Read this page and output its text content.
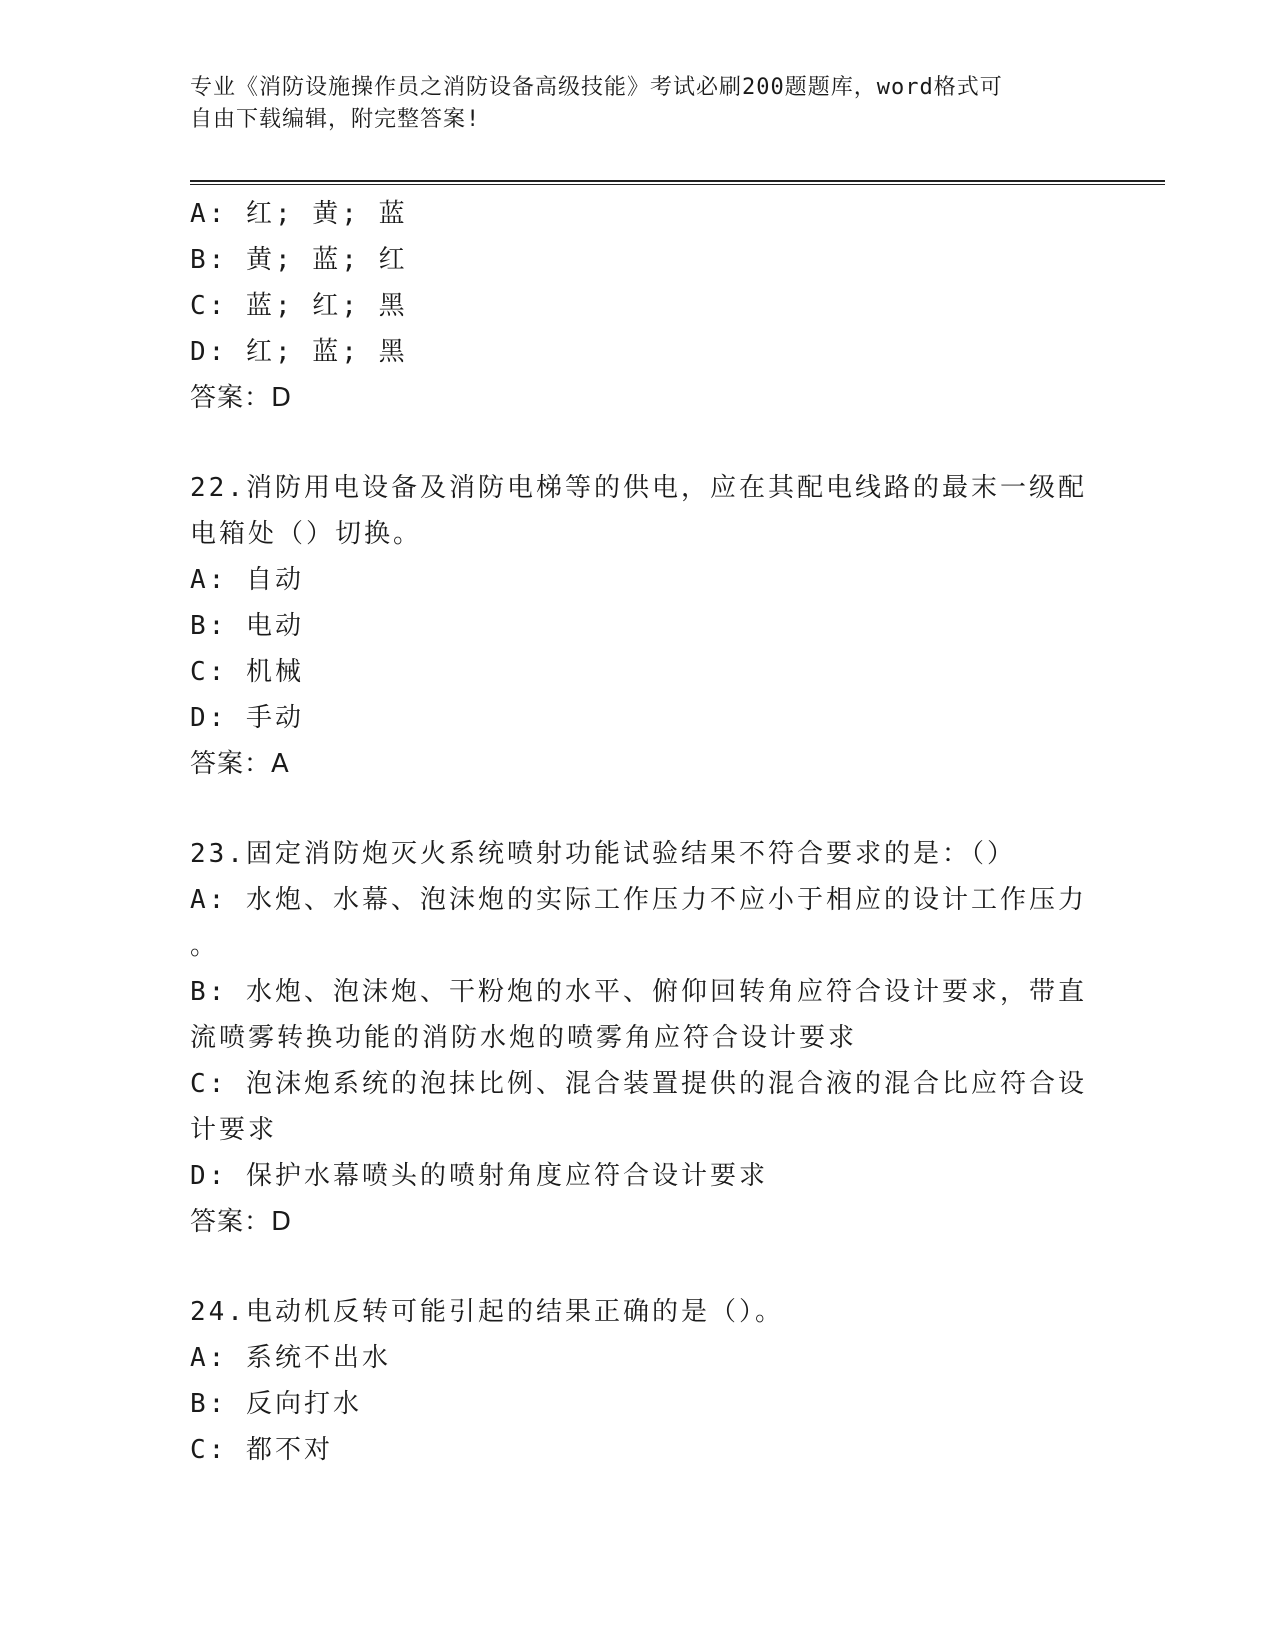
专业《消防设施操作员之消防设备高级技能》考试必刷200题题库，word格式可
自由下载编辑，附完整答案!
A: 红; 黄; 蓝
B: 黄; 蓝; 红
C: 蓝; 红; 黑
D: 红; 蓝; 黑
答案：D
22.消防用电设备及消防电梯等的供电，应在其配电线路的最末一级配
电箱处（）切换。
A: 自动
B: 电动
C: 机械
D: 手动
答案：A
23.固定消防炮灭火系统喷射功能试验结果不符合要求的是：（）
A: 水炮、水幕、泡沫炮的实际工作压力不应小于相应的设计工作压力
。
B: 水炮、泡沫炮、干粉炮的水平、俯仰回转角应符合设计要求，带直
流喷雾转换功能的消防水炮的喷雾角应符合设计要求
C: 泡沫炮系统的泡抹比例、混合装置提供的混合液的混合比应符合设
计要求
D: 保护水幕喷头的喷射角度应符合设计要求
答案：D
24.电动机反转可能引起的结果正确的是（）。
A: 系统不出水
B: 反向打水
C: 都不对
